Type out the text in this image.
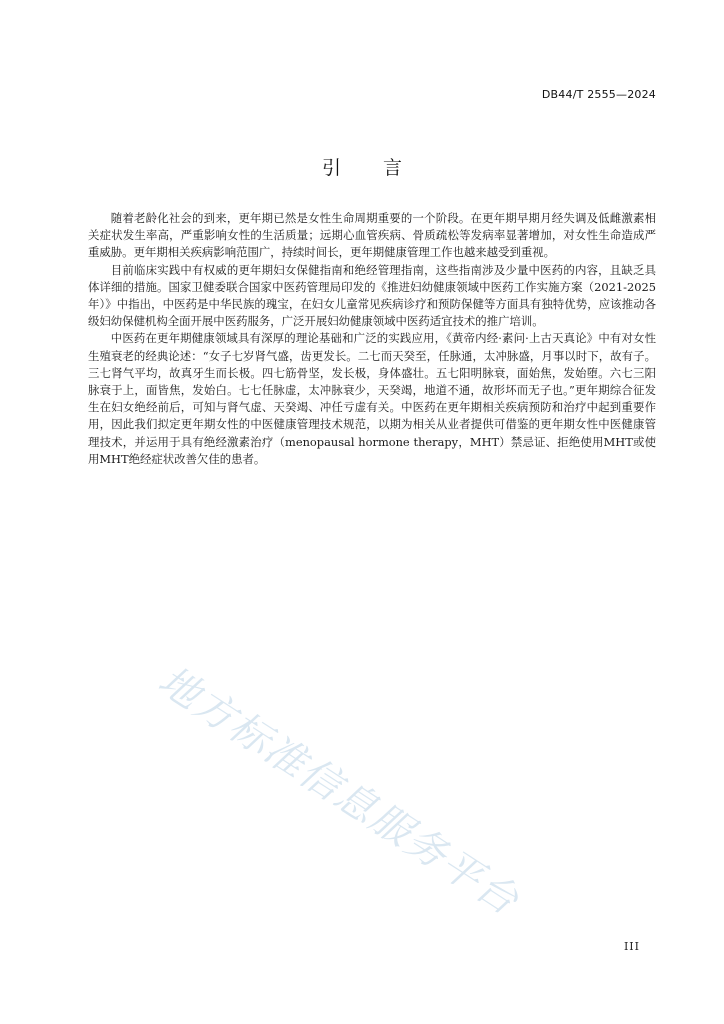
DB44/T 2555—2024
引言

随着老龄化社会的到来，更年期已然是女性生命周期重要的一个阶段。在更年期早期月经失调及低雌激素相关症状发生率高，严重影响女性的生活质量；远期心血管疾病、骨质疏松等发病率显著增加，对女性生命造成严重威胁。更年期相关疾病影响范围广，持续时间长，更年期健康管理工作也越来越受到重视。

目前临床实践中有权威的更年期妇女保健指南和绝经管理指南，这些指南涉及少量中医药的内容，且缺乏具体详细的措施。国家卫健委联合国家中医药管理局印发的《推进妇幼健康领域中医药工作实施方案（2021-2025年）》中指出，中医药是中华民族的瑰宝，在妇女儿童常见疾病诊疗和预防保健等方面具有独特优势，应该推动各级妇幼保健机构全面开展中医药服务，广泛开展妇幼健康领域中医药适宜技术的推广培训。

中医药在更年期健康领域具有深厚的理论基础和广泛的实践应用，《黄帝内经·素问·上古天真论》中有对女性生殖衰老的经典论述：“女子七岁肾气盛，齿更发长。二七而天癸至，任脉通，太冲脉盛，月事以时下，故有子。三七肾气平均，故真牙生而长极。四七筋骨坚，发长极，身体盛壮。五七阳明脉衰，面始焦，发始堕。六七三阳脉衰于上，面皆焦，发始白。七七任脉虚，太冲脉衰少，天癸竭，地道不通，故形坏而无子也。”更年期综合征发生在妇女绝经前后，可知与肾气虚、天癸竭、冲任亏虚有关。中医药在更年期相关疾病预防和治疗中起到重要作用，因此我们拟定更年期女性的中医健康管理技术规范，以期为相关从业者提供可借鉴的更年期女性中医健康管理技术，并运用于具有绝经激素治疗（menopausal hormone therapy，MHT）禁忌证、拒绝使用MHT或使用MHT绝经症状改善欠佳的患者。

地方标准信息服务平台
III
